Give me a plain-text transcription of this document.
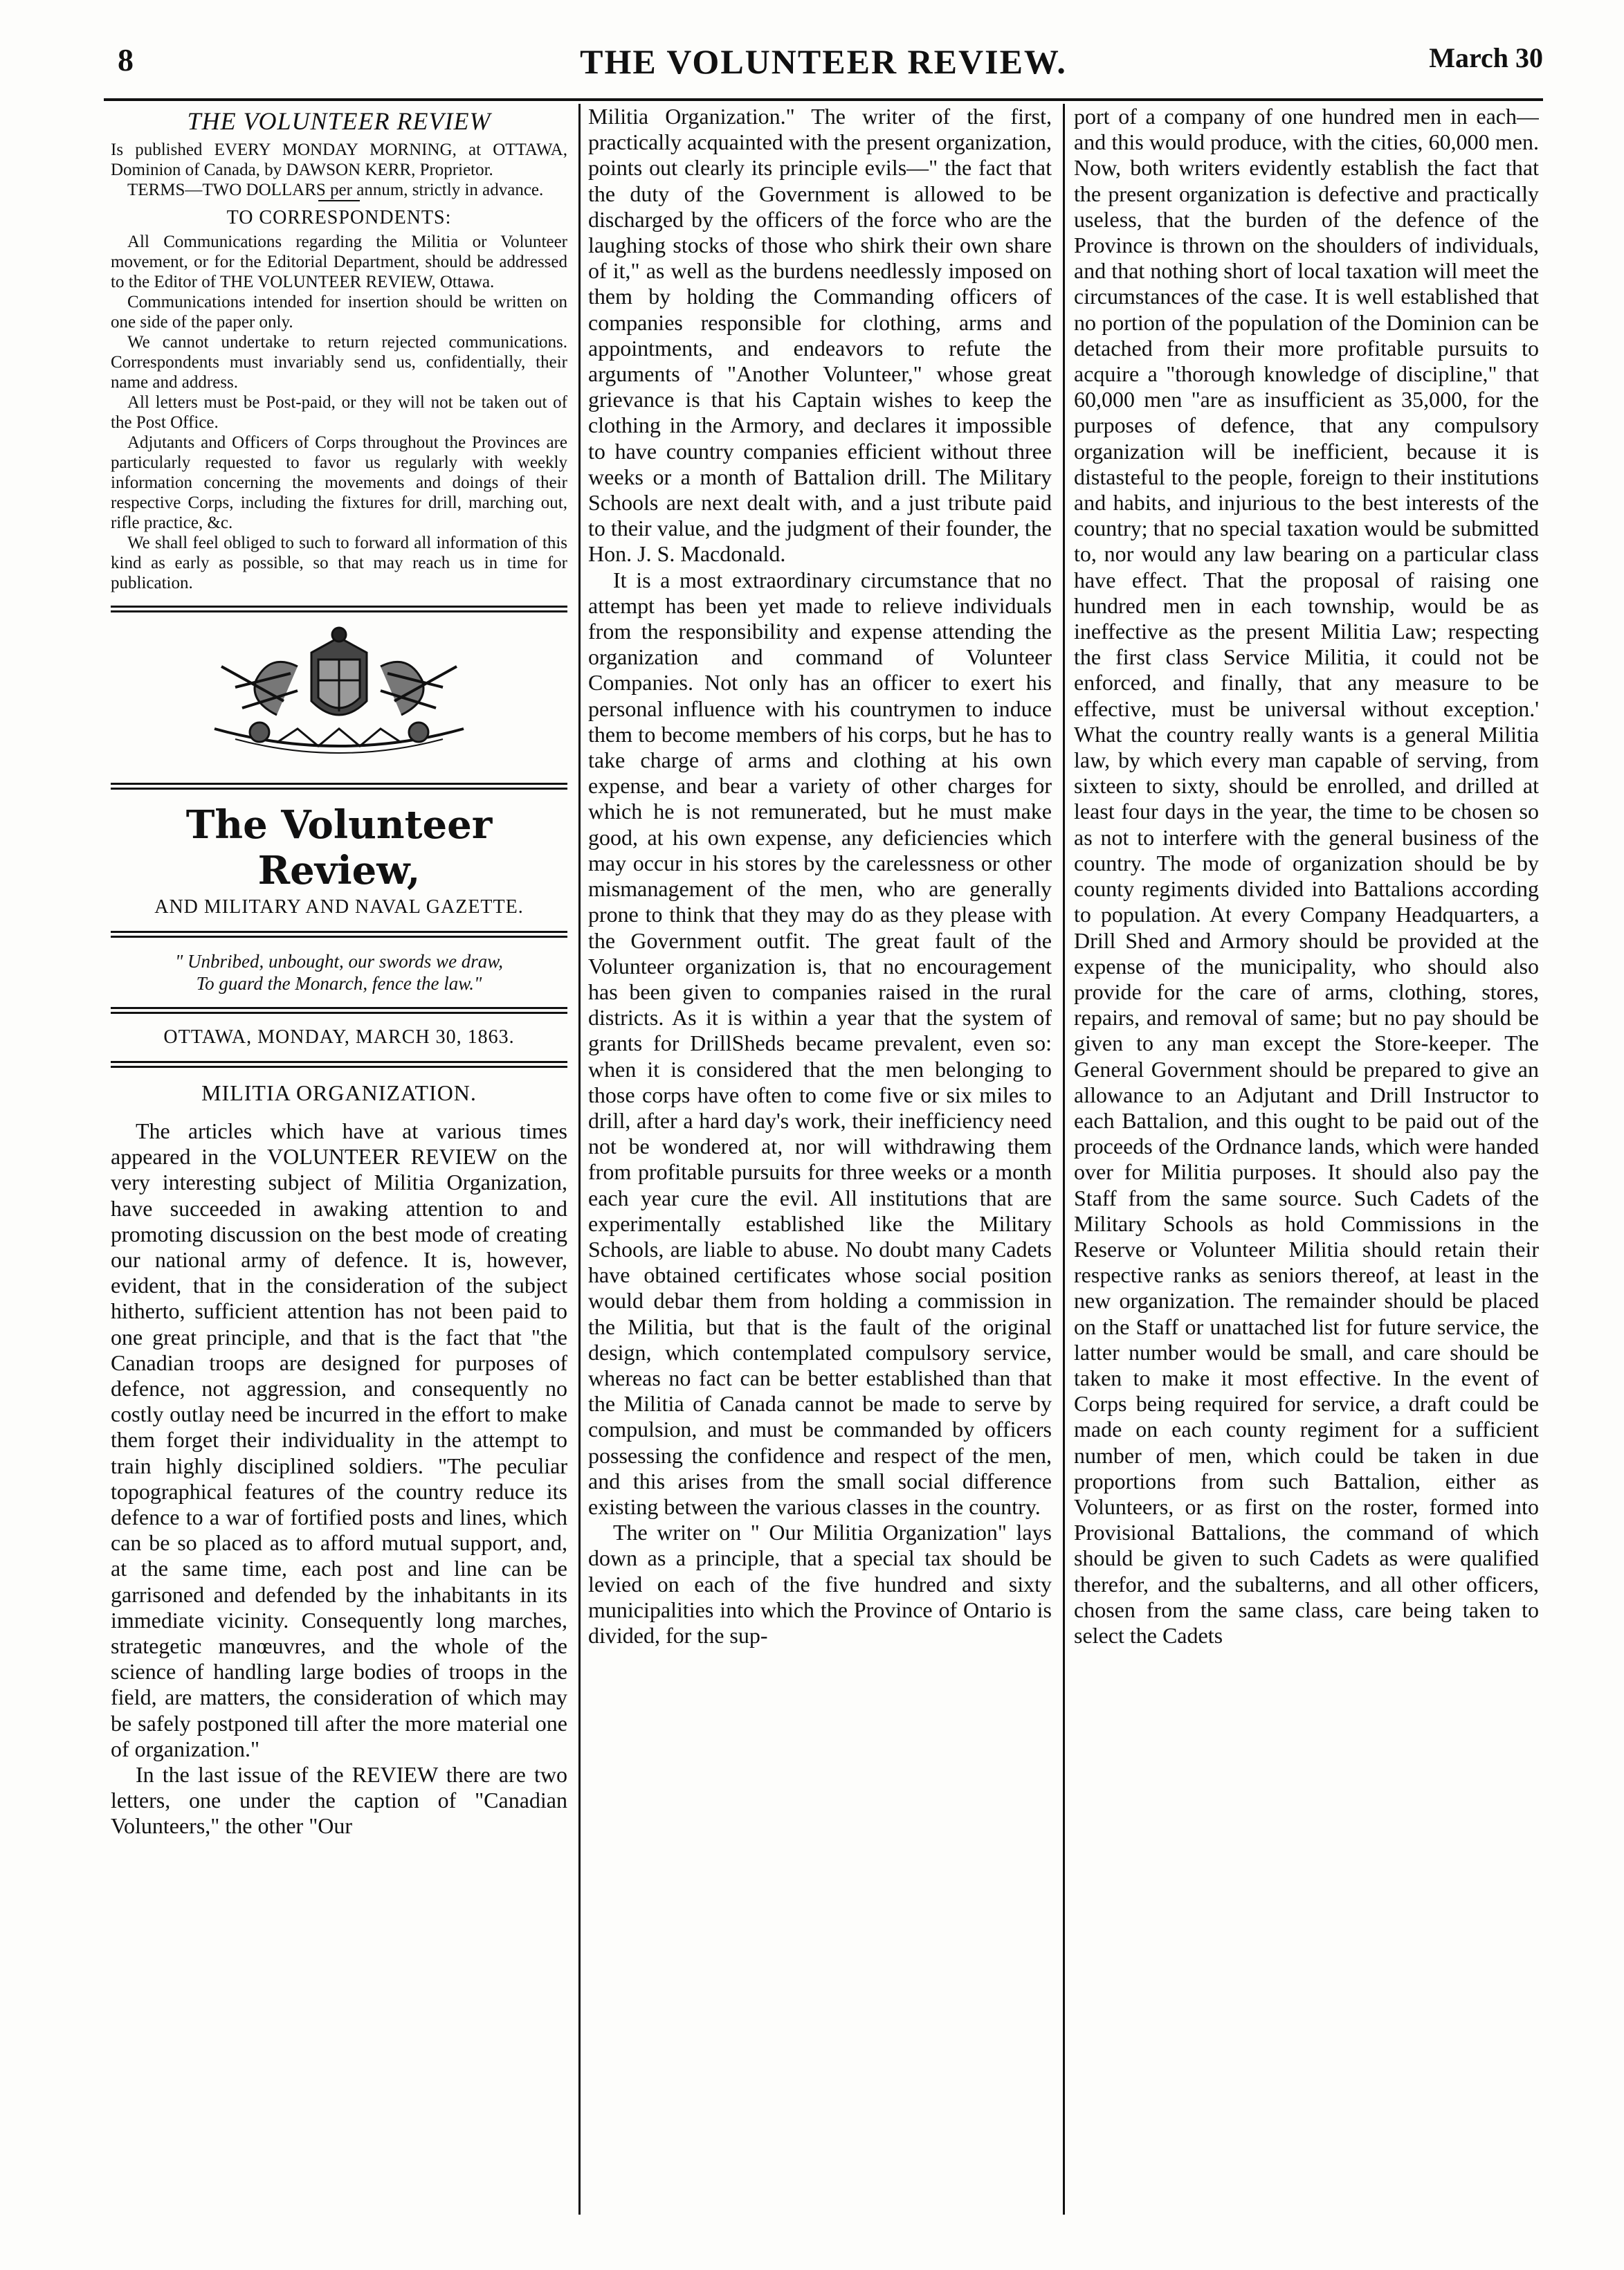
8	THE VOLUNTEER REVIEW.	March 30
THE VOLUNTEER REVIEW

Is published EVERY MONDAY MORNING, at OTTAWA, Dominion of Canada, by DAWSON KERR, Proprietor.

TERMS—TWO DOLLARS per annum, strictly in advance.

TO CORRESPONDENTS:

All Communications regarding the Militia or Volunteer movement, or for the Editorial Department, should be addressed to the Editor of THE VOLUNTEER REVIEW, Ottawa.

Communications intended for insertion should be written on one side of the paper only.

We cannot undertake to return rejected communications. Correspondents must invariably send us, confidentially, their name and address.

All letters must be Post-paid, or they will not be taken out of the Post Office.

Adjutants and Officers of Corps throughout the Provinces are particularly requested to favor us regularly with weekly information concerning the movements and doings of their respective Corps, including the fixtures for drill, marching out, rifle practice, &c.

We shall feel obliged to such to forward all information of this kind as early as possible, so that may reach us in time for publication.

The Volunteer Review,
AND MILITARY AND NAVAL GAZETTE.
" Unbribed, unbought, our swords we draw,
To guard the Monarch, fence the law."
OTTAWA, MONDAY, MARCH 30, 1863.
MILITIA ORGANIZATION.

The articles which have at various times appeared in the VOLUNTEER REVIEW on the very interesting subject of Militia Organization, have succeeded in awaking attention to and promoting discussion on the best mode of creating our national army of defence. It is, however, evident, that in the consideration of the subject hitherto, sufficient attention has not been paid to one great principle, and that is the fact that "the Canadian troops are designed for purposes of defence, not aggression, and consequently no costly outlay need be incurred in the effort to make them forget their individuality in the attempt to train highly disciplined soldiers. "The peculiar topographical features of the country reduce its defence to a war of fortified posts and lines, which can be so placed as to afford mutual support, and, at the same time, each post and line can be garrisoned and defended by the inhabitants in its immediate vicinity. Consequently long marches, strategetic manœuvres, and the whole of the science of handling large bodies of troops in the field, are matters, the consideration of which may be safely postponed till after the more material one of organization."

In the last issue of the REVIEW there are two letters, one under the caption of "Canadian Volunteers," the other "Our

Militia Organization." The writer of the first, practically acquainted with the present organization, points out clearly its principle evils—" the fact that the duty of the Government is allowed to be discharged by the officers of the force who are the laughing stocks of those who shirk their own share of it," as well as the burdens needlessly imposed on them by holding the Commanding officers of companies responsible for clothing, arms and appointments, and endeavors to refute the arguments of "Another Volunteer," whose great grievance is that his Captain wishes to keep the clothing in the Armory, and declares it impossible to have country companies efficient without three weeks or a month of Battalion drill. The Military Schools are next dealt with, and a just tribute paid to their value, and the judgment of their founder, the Hon. J. S. Macdonald.

It is a most extraordinary circumstance that no attempt has been yet made to relieve individuals from the responsibility and expense attending the organization and command of Volunteer Companies. Not only has an officer to exert his personal influence with his countrymen to induce them to become members of his corps, but he has to take charge of arms and clothing at his own expense, and bear a variety of other charges for which he is not remunerated, but he must make good, at his own expense, any deficiencies which may occur in his stores by the carelessness or other mismanagement of the men, who are generally prone to think that they may do as they please with the Government outfit. The great fault of the Volunteer organization is, that no encouragement has been given to companies raised in the rural districts. As it is within a year that the system of grants for DrillSheds became prevalent, even so: when it is considered that the men belonging to those corps have often to come five or six miles to drill, after a hard day's work, their inefficiency need not be wondered at, nor will withdrawing them from profitable pursuits for three weeks or a month each year cure the evil. All institutions that are experimentally established like the Military Schools, are liable to abuse. No doubt many Cadets have obtained certificates whose social position would debar them from holding a commission in the Militia, but that is the fault of the original design, which contemplated compulsory service, whereas no fact can be better established than that the Militia of Canada cannot be made to serve by compulsion, and must be commanded by officers possessing the confidence and respect of the men, and this arises from the small social difference existing between the various classes in the country.

The writer on " Our Militia Organization" lays down as a principle, that a special tax should be levied on each of the five hundred and sixty municipalities into which the Province of Ontario is divided, for the sup-

port of a company of one hundred men in each—and this would produce, with the cities, 60,000 men. Now, both writers evidently establish the fact that the present organization is defective and practically useless, that the burden of the defence of the Province is thrown on the shoulders of individuals, and that nothing short of local taxation will meet the circumstances of the case. It is well established that no portion of the population of the Dominion can be detached from their more profitable pursuits to acquire a "thorough knowledge of discipline," that 60,000 men "are as insufficient as 35,000, for the purposes of defence, that any compulsory organization will be inefficient, because it is distasteful to the people, foreign to their institutions and habits, and injurious to the best interests of the country; that no special taxation would be submitted to, nor would any law bearing on a particular class have effect. That the proposal of raising one hundred men in each township, would be as ineffective as the present Militia Law; respecting the first class Service Militia, it could not be enforced, and finally, that any measure to be effective, must be universal without exception.' What the country really wants is a general Militia law, by which every man capable of serving, from sixteen to sixty, should be enrolled, and drilled at least four days in the year, the time to be chosen so as not to interfere with the general business of the country. The mode of organization should be by county regiments divided into Battalions according to population. At every Company Headquarters, a Drill Shed and Armory should be provided at the expense of the municipality, who should also provide for the care of arms, clothing, stores, repairs, and removal of same; but no pay should be given to any man except the Store-keeper. The General Government should be prepared to give an allowance to an Adjutant and Drill Instructor to each Battalion, and this ought to be paid out of the proceeds of the Ordnance lands, which were handed over for Militia purposes. It should also pay the Staff from the same source. Such Cadets of the Military Schools as hold Commissions in the Reserve or Volunteer Militia should retain their respective ranks as seniors thereof, at least in the new organization. The remainder should be placed on the Staff or unattached list for future service, the latter number would be small, and care should be taken to make it most effective. In the event of Corps being required for service, a draft could be made on each county regiment for a sufficient number of men, which could be taken in due proportions from such Battalion, either as Volunteers, or as first on the roster, formed into Provisional Battalions, the command of which should be given to such Cadets as were qualified therefor, and the subalterns, and all other officers, chosen from the same class, care being taken to select the Cadets
